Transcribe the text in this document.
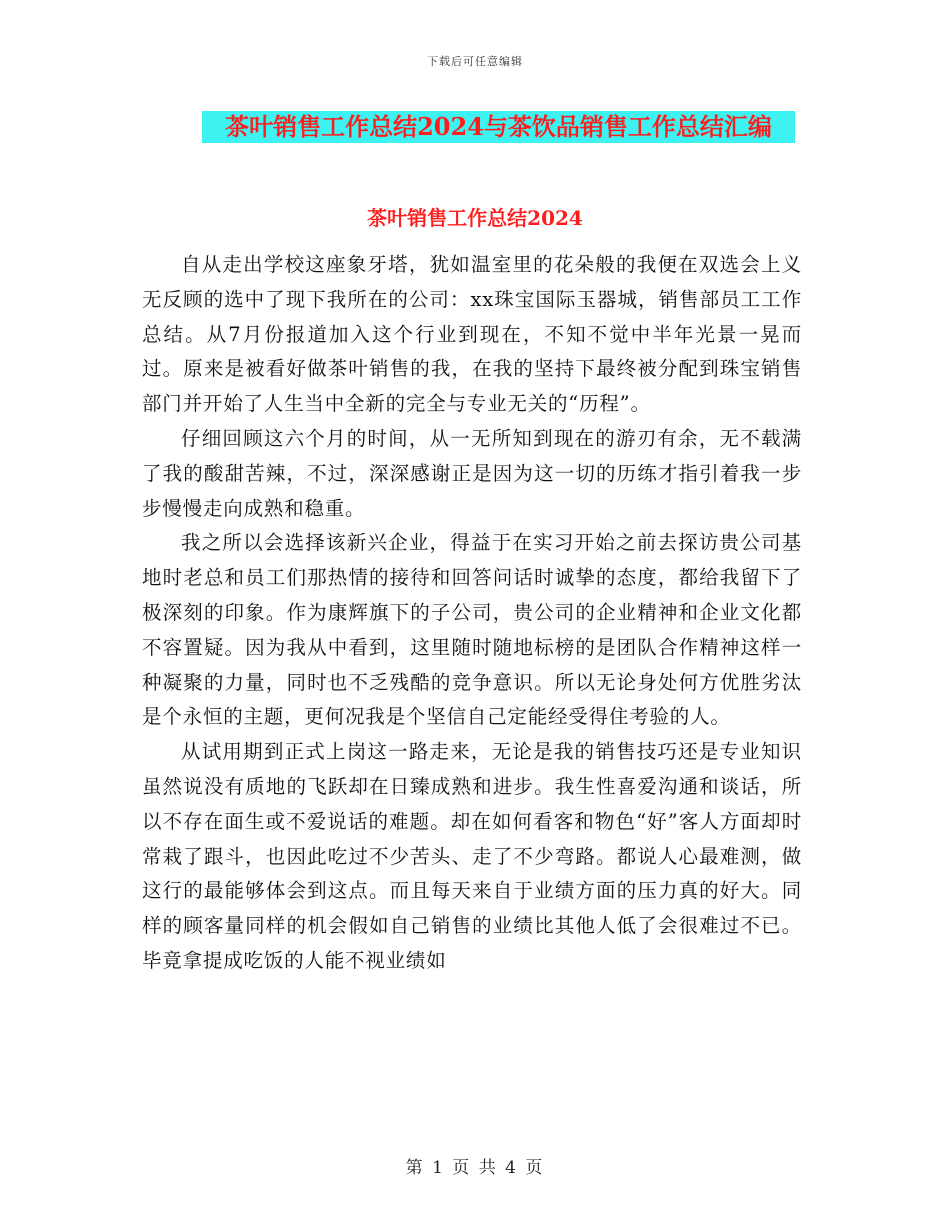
下载后可任意编辑
茶叶销售工作总结2024与茶饮品销售工作总结汇编
茶叶销售工作总结2024

自从走出学校这座象牙塔，犹如温室里的花朵般的我便在双选会上义无反顾的选中了现下我所在的公司：xx珠宝国际玉器城，销售部员工工作总结。从7月份报道加入这个行业到现在，不知不觉中半年光景一晃而过。原来是被看好做茶叶销售的我，在我的坚持下最终被分配到珠宝销售部门并开始了人生当中全新的完全与专业无关的“历程”。

仔细回顾这六个月的时间，从一无所知到现在的游刃有余，无不载满了我的酸甜苦辣，不过，深深感谢正是因为这一切的历练才指引着我一步步慢慢走向成熟和稳重。

我之所以会选择该新兴企业，得益于在实习开始之前去探访贵公司基地时老总和员工们那热情的接待和回答问话时诚挚的态度，都给我留下了极深刻的印象。作为康辉旗下的子公司，贵公司的企业精神和企业文化都不容置疑。因为我从中看到，这里随时随地标榜的是团队合作精神这样一种凝聚的力量，同时也不乏残酷的竞争意识。所以无论身处何方优胜劣汰是个永恒的主题，更何况我是个坚信自己定能经受得住考验的人。

从试用期到正式上岗这一路走来，无论是我的销售技巧还是专业知识虽然说没有质地的飞跃却在日臻成熟和进步。我生性喜爱沟通和谈话，所以不存在面生或不爱说话的难题。却在如何看客和物色“好”客人方面却时常栽了跟斗，也因此吃过不少苦头、走了不少弯路。都说人心最难测，做这行的最能够体会到这点。而且每天来自于业绩方面的压力真的好大。同样的顾客量同样的机会假如自己销售的业绩比其他人低了会很难过不已。毕竟拿提成吃饭的人能不视业绩如

第 1 页 共 4 页
